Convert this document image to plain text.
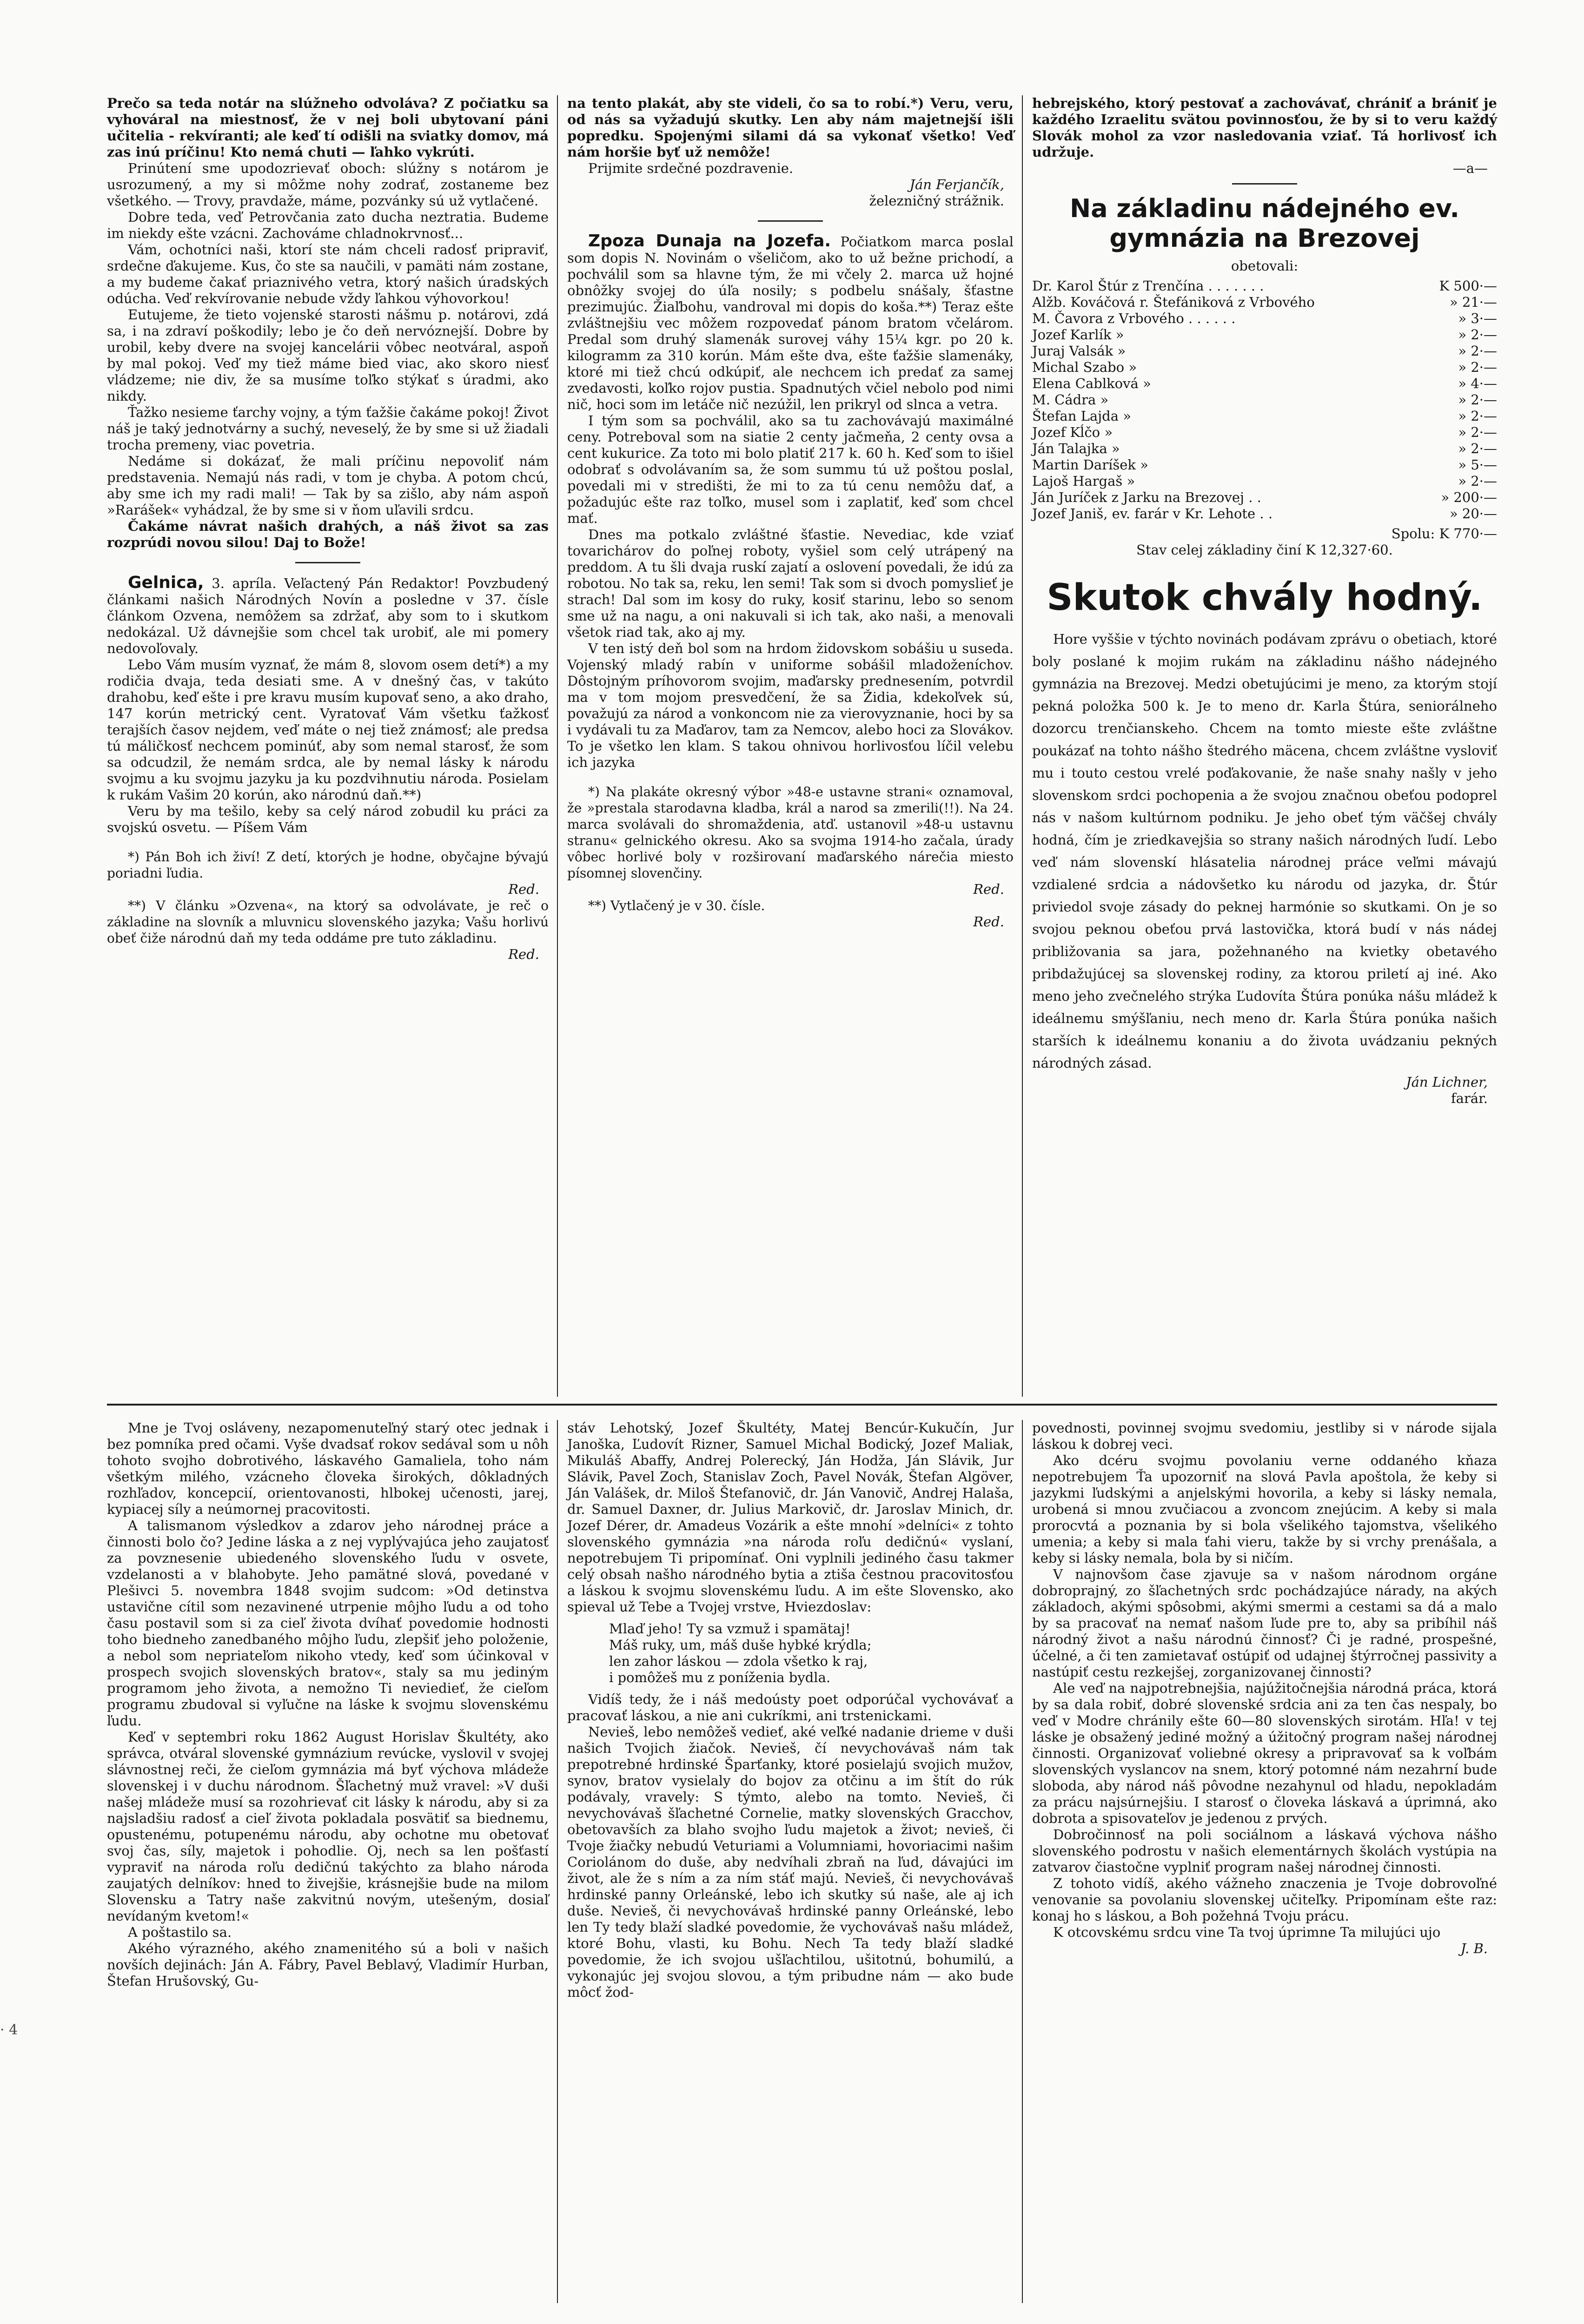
Prečo sa teda notár na slúžneho odvoláva? Z počiatku sa vyhováral na miestnosť, že v nej boli ubytovaní páni učitelia - rekvíranti; ale keď tí odišli na sviatky domov, má zas inú príčinu! Kto nemá chuti — ľahko vykrúti.

Prinútení sme upodozrievať oboch: slúžny s notárom je usrozumený, a my si môžme nohy zodrať, zostaneme bez všetkého. — Trovy, pravdaže, máme, pozvánky sú už vytlačené.

Dobre teda, veď Petrovčania zato ducha neztratia. Budeme im niekdy ešte vzácni. Zachováme chladnokrvnosť...

Vám, ochotníci naši, ktorí ste nám chceli radosť pripraviť, srdečne ďakujeme. Kus, čo ste sa naučili, v pamäti nám zostane, a my budeme čakať priaznivého vetra, ktorý našich úradských odúcha. Veď rekvírovanie nebude vždy ľahkou výhovorkou!

Eutujeme, že tieto vojenské starosti nášmu p. notárovi, zdá sa, i na zdraví poškodily; lebo je čo deň nervóznejší. Dobre by urobil, keby dvere na svojej kancelárii vôbec neotváral, aspoň by mal pokoj. Veď my tiež máme bied viac, ako skoro niesť vládzeme; nie div, že sa musíme toľko stýkať s úradmi, ako nikdy.

Ťažko nesieme ťarchy vojny, a tým ťažšie čakáme pokoj! Život náš je taký jednotvárny a suchý, neveselý, že by sme si už žiadali trocha premeny, viac povetria.

Nedáme si dokázať, že mali príčinu nepovoliť nám predstavenia. Nemajú nás radi, v tom je chyba. A potom chcú, aby sme ich my radi mali! — Tak by sa zišlo, aby nám aspoň »Rarášek« vyhádzal, že by sme si v ňom uľavili srdcu.

Čakáme návrat našich drahých, a náš život sa zas rozprúdi novou silou! Daj to Bože!

Gelnica, 3. apríla. Veľactený Pán Redaktor! Povzbudený článkami našich Národných Novín a posledne v 37. čísle článkom Ozvena, nemôžem sa zdržať, aby som to i skutkom nedokázal. Už dávnejšie som chcel tak urobiť, ale mi pomery nedovoľovaly.

Lebo Vám musím vyznať, že mám 8, slovom osem detí*) a my rodičia dvaja, teda desiati sme. A v dnešný čas, v takúto drahobu, keď ešte i pre kravu musím kupovať seno, a ako draho, 147 korún metrický cent. Vyratovať Vám všetku ťažkosť terajších časov nejdem, veď máte o nej tiež známosť; ale predsa tú máličkosť nechcem pominúť, aby som nemal starosť, že som sa odcudzil, že nemám srdca, ale by nemal lásky k národu svojmu a ku svojmu jazyku ja ku pozdvihnutiu národa. Posielam k rukám Vašim 20 korún, ako národnú daň.**)

Veru by ma tešilo, keby sa celý národ zobudil ku práci za svojskú osvetu. — Píšem Vám

*) Pán Boh ich živí! Z detí, ktorých je hodne, obyčajne bývajú poriadni ľudia.

Red.

**) V článku »Ozvena«, na ktorý sa odvolávate, je reč o základine na slovník a mluvnicu slovenského jazyka; Vašu horlivú obeť čiže národnú daň my teda oddáme pre tuto základinu.

Red.

na tento plakát, aby ste videli, čo sa to robí.*) Veru, veru, od nás sa vyžadujú skutky. Len aby nám majetnejší išli popredku. Spojenými silami dá sa vykonať všetko! Veď nám horšie byť už nemôže!

Prijmite srdečné pozdravenie.

Ján Ferjančík,
železničný strážnik.

Zpoza Dunaja na Jozefa. Počiatkom marca poslal som dopis N. Novinám o všeličom, ako to už bežne prichodí, a pochválil som sa hlavne tým, že mi včely 2. marca už hojné obnôžky svojej do úľa nosily; s podbelu snášaly, šťastne prezimujúc. Žiaľbohu, vandroval mi dopis do koša.**) Teraz ešte zvláštnejšiu vec môžem rozpovedať pánom bratom včelárom. Predal som druhý slamenák surovej váhy 15¼ kgr. po 20 k. kilogramm za 310 korún. Mám ešte dva, ešte ťažšie slamenáky, ktoré mi tiež chcú odkúpiť, ale nechcem ich predať za samej zvedavosti, koľko rojov pustia. Spadnutých včiel nebolo pod nimi nič, hoci som im letáče nič nezúžil, len prikryl od slnca a vetra.

I tým som sa pochválil, ako sa tu zachovávajú maximálné ceny. Potreboval som na siatie 2 centy jačmeňa, 2 centy ovsa a cent kukurice. Za toto mi bolo platiť 217 k. 60 h. Keď som to išiel odobrať s odvolávaním sa, že som summu tú už poštou poslal, povedali mi v stredišti, že mi to za tú cenu nemôžu dať, a požadujúc ešte raz toľko, musel som i zaplatiť, keď som chcel mať.

Dnes ma potkalo zvláštné šťastie. Nevediac, kde vziať tovarichárov do poľnej roboty, vyšiel som celý utrápený na preddom. A tu šli dvaja ruskí zajatí a oslovení povedali, že idú za robotou. No tak sa, reku, len semi! Tak som si dvoch pomyslieť je strach! Dal som im kosy do ruky, kosiť starinu, lebo so senom sme už na nagu, a oni nakuvali si ich tak, ako naši, a menovali všetok riad tak, ako aj my.

V ten istý deň bol som na hrdom židovskom sobášiu u suseda. Vojenský mladý rabín v uniforme sobášil mladoženíchov. Dôstojným príhovorom svojim, maďarsky prednesením, potvrdil ma v tom mojom presvedčení, že sa Židia, kdekoľvek sú, považujú za národ a vonkoncom nie za vierovyznanie, hoci by sa i vydávali tu za Maďarov, tam za Nemcov, alebo hoci za Slovákov. To je všetko len klam. S takou ohnivou horlivosťou líčil velebu ich jazyka

*) Na plakáte okresný výbor »48-e ustavne strani« oznamoval, že »prestala starodavna kladba, král a narod sa zmerili(!!). Na 24. marca svolávali do shromaždenia, atď. ustanovil »48-u ustavnu stranu« gelnického okresu. Ako sa svojma 1914-ho začala, úrady vôbec horlivé boly v rozširovaní maďarského nárečia miesto písomnej slovenčiny.

Red.

**) Vytlačený je v 30. čísle.

Red.

hebrejského, ktorý pestovať a zachovávať, chrániť a brániť je každého Izraelitu svätou povinnosťou, že by si to veru každý Slovák mohol za vzor nasledovania vziať. Tá horlivosť ich udržuje.

—a—
Na základinu nádejného ev. gymnázia na Brezovej
obetovali:
Dr. Karol Štúr z Trenčína . . . . . . .	K 500·—
Alžb. Kováčová r. Štefániková z Vrbového	» 21·—
M. Čavora z Vrbového . . . . . .	» 3·—
Jozef Karlík »	» 2·—
Juraj Valsák »	» 2·—
Michal Szabo »	» 2·—
Elena Cablková »	» 4·—
M. Cádra »	» 2·—
Štefan Lajda »	» 2·—
Jozef Kĺčo »	» 2·—
Ján Talajka »	» 2·—
Martin Daríšek »	» 5·—
Lajoš Hargaš »	» 2·—
Ján Juríček z Jarku na Brezovej . .	» 200·—
Jozef Janiš, ev. farár v Kr. Lehote . .	» 20·—
Spolu: K 770·—
Stav celej základiny činí K 12,327·60.
Skutok chvály hodný.

Hore vyššie v týchto novinách podávam zprávu o obetiach, ktoré boly poslané k mojim rukám na základinu nášho nádejného gymnázia na Brezovej. Medzi obetujúcimi je meno, za ktorým stojí pekná položka 500 k. Je to meno dr. Karla Štúra, seniorálneho dozorcu trenčianskeho. Chcem na tomto mieste ešte zvláštne poukázať na tohto nášho štedrého mäcena, chcem zvláštne vysloviť mu i touto cestou vrelé poďakovanie, že naše snahy našly v jeho slovenskom srdci pochopenia a že svojou značnou obeťou podoprel nás v našom kultúrnom podniku. Je jeho obeť tým väčšej chvály hodná, čím je zriedkavejšia so strany našich národných ľudí. Lebo veď nám slovenskí hlásatelia národnej práce veľmi mávajú vzdialené srdcia a nádovšetko ku národu od jazyka, dr. Štúr priviedol svoje zásady do peknej harmónie so skutkami. On je so svojou peknou obeťou prvá lastovička, ktorá budí v nás nádej približovania sa jara, požehnaného na kvietky obetavého pribdažujúcej sa slovenskej rodiny, za ktorou priletí aj iné. Ako meno jeho zvečnelého strýka Ľudovíta Štúra ponúka nášu mládež k ideálnemu smýšľaniu, nech meno dr. Karla Štúra ponúka našich starších k ideálnemu konaniu a do života uvádzaniu pekných národných zásad.

Ján Lichner,
farár.

Mne je Tvoj osláveny, nezapomenuteľný starý otec jednak i bez pomníka pred očami. Vyše dvadsať rokov sedával som u nôh tohoto svojho dobrotivého, láskavého Gamaliela, toho nám všetkým milého, vzácneho človeka širokých, dôkladných rozhľadov, koncepcií, orientovanosti, hlbokej učenosti, jarej, kypiacej síly a neúmornej pracovitosti.

A talismanom výsledkov a zdarov jeho národnej práce a činnosti bolo čo? Jedine láska a z nej vyplývajúca jeho zaujatosť za povznesenie ubiedeného slovenského ľudu v osvete, vzdelanosti a v blahobyte. Jeho pamätné slová, povedané v Plešivci 5. novembra 1848 svojim sudcom: »Od detinstva ustavične cítil som nezavinené utrpenie môjho ľudu a od toho času postavil som si za cieľ života dvíhať povedomie hodnosti toho biedneho zanedbaného môjho ľudu, zlepšiť jeho položenie, a nebol som nepriateľom nikoho vtedy, keď som účinkoval v prospech svojich slovenských bratov«, staly sa mu jediným programom jeho života, a nemožno Ti neviedieť, že cieľom programu zbudoval si vyľučne na láske k svojmu slovenskému ľudu.

Keď v septembri roku 1862 August Horislav Škultéty, ako správca, otváral slovenské gymnázium revúcke, vyslovil v svojej slávnostnej reči, že cieľom gymnázia má byť výchova mládeže slovenskej i v duchu národnom. Šľachetný muž vravel: »V duši našej mládeže musí sa rozohrievať cit lásky k národu, aby si za najsladšiu radosť a cieľ života pokladala posvätiť sa biednemu, opustenému, potupenému národu, aby ochotne mu obetovať svoj čas, síly, majetok i pohodlie. Oj, nech sa len pošťastí vypraviť na národa roľu dedičnú takýchto za blaho národa zaujatých delníkov: hned to živejšie, krásnejšie bude na milom Slovensku a Tatry naše zakvitnú novým, utešeným, dosiaľ nevídaným kvetom!«

A poštastilo sa.

Akého výrazného, akého znamenitého sú a boli v našich novších dejinách: Ján A. Fábry, Pavel Beblavý, Vladimír Hurban, Štefan Hrušovský, Gu-

stáv Lehotský, Jozef Škultéty, Matej Bencúr-Kukučín, Jur Janoška, Ľudovít Rizner, Samuel Michal Bodický, Jozef Maliak, Mikuláš Abaffy, Andrej Polerecký, Ján Hodža, Ján Slávik, Jur Slávik, Pavel Zoch, Stanislav Zoch, Pavel Novák, Štefan Algöver, Ján Valášek, dr. Miloš Štefanovič, dr. Ján Vanovič, Andrej Halaša, dr. Samuel Daxner, dr. Julius Markovič, dr. Jaroslav Minich, dr. Jozef Dérer, dr. Amadeus Vozárik a ešte mnohí »delníci« z tohto slovenského gymnázia »na národa roľu dedičnú« vyslaní, nepotrebujem Ti pripomínať. Oni vyplnili jediného času takmer celý obsah našho národného bytia a ztiša čestnou pracovitosťou a láskou k svojmu slovenskému ľudu. A im ešte Slovensko, ako spieval už Tebe a Tvojej vrstve, Hviezdoslav:

Mlaď jeho! Ty sa vzmuž i spamätaj!
Máš ruky, um, máš duše hybké krýdla;
len zahor láskou — zdola všetko k raj,
i pomôžeš mu z poníženia bydla.

Vidíš tedy, že i náš medoústy poet odporúčal vychovávať a pracovať láskou, a nie ani cukríkmi, ani trstenickami.

Nevieš, lebo nemôžeš vedieť, aké veľké nadanie drieme v duši našich Tvojich žiačok. Nevieš, čí nevychovávaš nám tak prepotrebné hrdinské Šparťanky, ktoré posielajú svojich mužov, synov, bratov vysielaly do bojov za otčinu a im štít do rúk podávaly, vravely: S týmto, alebo na tomto. Nevieš, či nevychovávaš šľachetné Cornelie, matky slovenských Gracchov, obetovavších za blaho svojho ľudu majetok a život; nevieš, či Tvoje žiačky nebudú Veturiami a Volumniami, hovoriacimi našim Coriolánom do duše, aby nedvíhali zbraň na ľud, dávajúci im život, ale že s ním a za ním stáť majú. Nevieš, či nevychovávaš hrdinské panny Orleánské, lebo ich skutky sú naše, ale aj ich duše. Nevieš, či nevychovávaš hrdinské panny Orleánské, lebo len Ty tedy blaží sladké povedomie, že vychovávaš našu mládež, ktoré Bohu, vlasti, ku Bohu. Nech Ta tedy blaží sladké povedomie, že ich svojou ušľachtilou, ušitotnú, bohumilú, a vykonajúc jej svojou slovou, a tým pribudne nám — ako bude môcť žod-

povednosti, povinnej svojmu svedomiu, jestliby si v národe sijala láskou k dobrej veci.

Ako dcéru svojmu povolaniu verne oddaného kňaza nepotrebujem Ťa upozorniť na slová Pavla apoštola, že keby si jazykmi ľudskými a anjelskými hovorila, a keby si lásky nemala, urobená si mnou zvučiacou a zvoncom znejúcim. A keby si mala prorocvtá a poznania by si bola všelikého tajomstva, všelikého umenia; a keby si mala ťahi vieru, takže by si vrchy prenášala, a keby si lásky nemala, bola by si ničím.

V najnovšom čase zjavuje sa v našom národnom orgáne dobroprajný, zo šľachetných srdc pochádzajúce nárady, na akých základoch, akými spôsobmi, akými smermi a cestami sa dá a malo by sa pracovať na nemať našom ľude pre to, aby sa pribíhil náš národný život a našu národnú činnosť? Či je radné, prospešné, účelné, a či ten zamietavať ostúpiť od udajnej štýrročnej passivity a nastúpiť cestu rezkejšej, zorganizovanej činnosti?

Ale veď na najpotrebnejšia, najúžitočnejšia národná práca, ktorá by sa dala robiť, dobré slovenské srdcia ani za ten čas nespaly, bo veď v Modre chránily ešte 60—80 slovenských sirotám. Hľa! v tej láske je obsažený jediné možný a úžitočný program našej národnej činnosti. Organizovať voliebné okresy a pripravovať sa k voľbám slovenských vyslancov na snem, ktorý potomné nám nezahrní bude sloboda, aby národ náš pôvodne nezahynul od hladu, nepokladám za prácu najsúrnejšiu. I starosť o človeka láskavá a úprimná, ako dobrota a spisovateľov je jedenou z prvých.

Dobročinnosť na poli sociálnom a láskavá výchova nášho slovenského podrostu v našich elementárnych školách vystúpia na zatvarov čiastočne vyplniť program našej národnej činnosti.

Z tohoto vidíš, akého vážneho znaczenia je Tvoje dobrovoľné venovanie sa povolaniu slovenskej učiteľky. Pripomínam ešte raz: konaj ho s láskou, a Boh požehná Tvoju prácu.

K otcovskému srdcu vine Ta tvoj úprimne Ta milujúci ujo

J. B.
· 4
